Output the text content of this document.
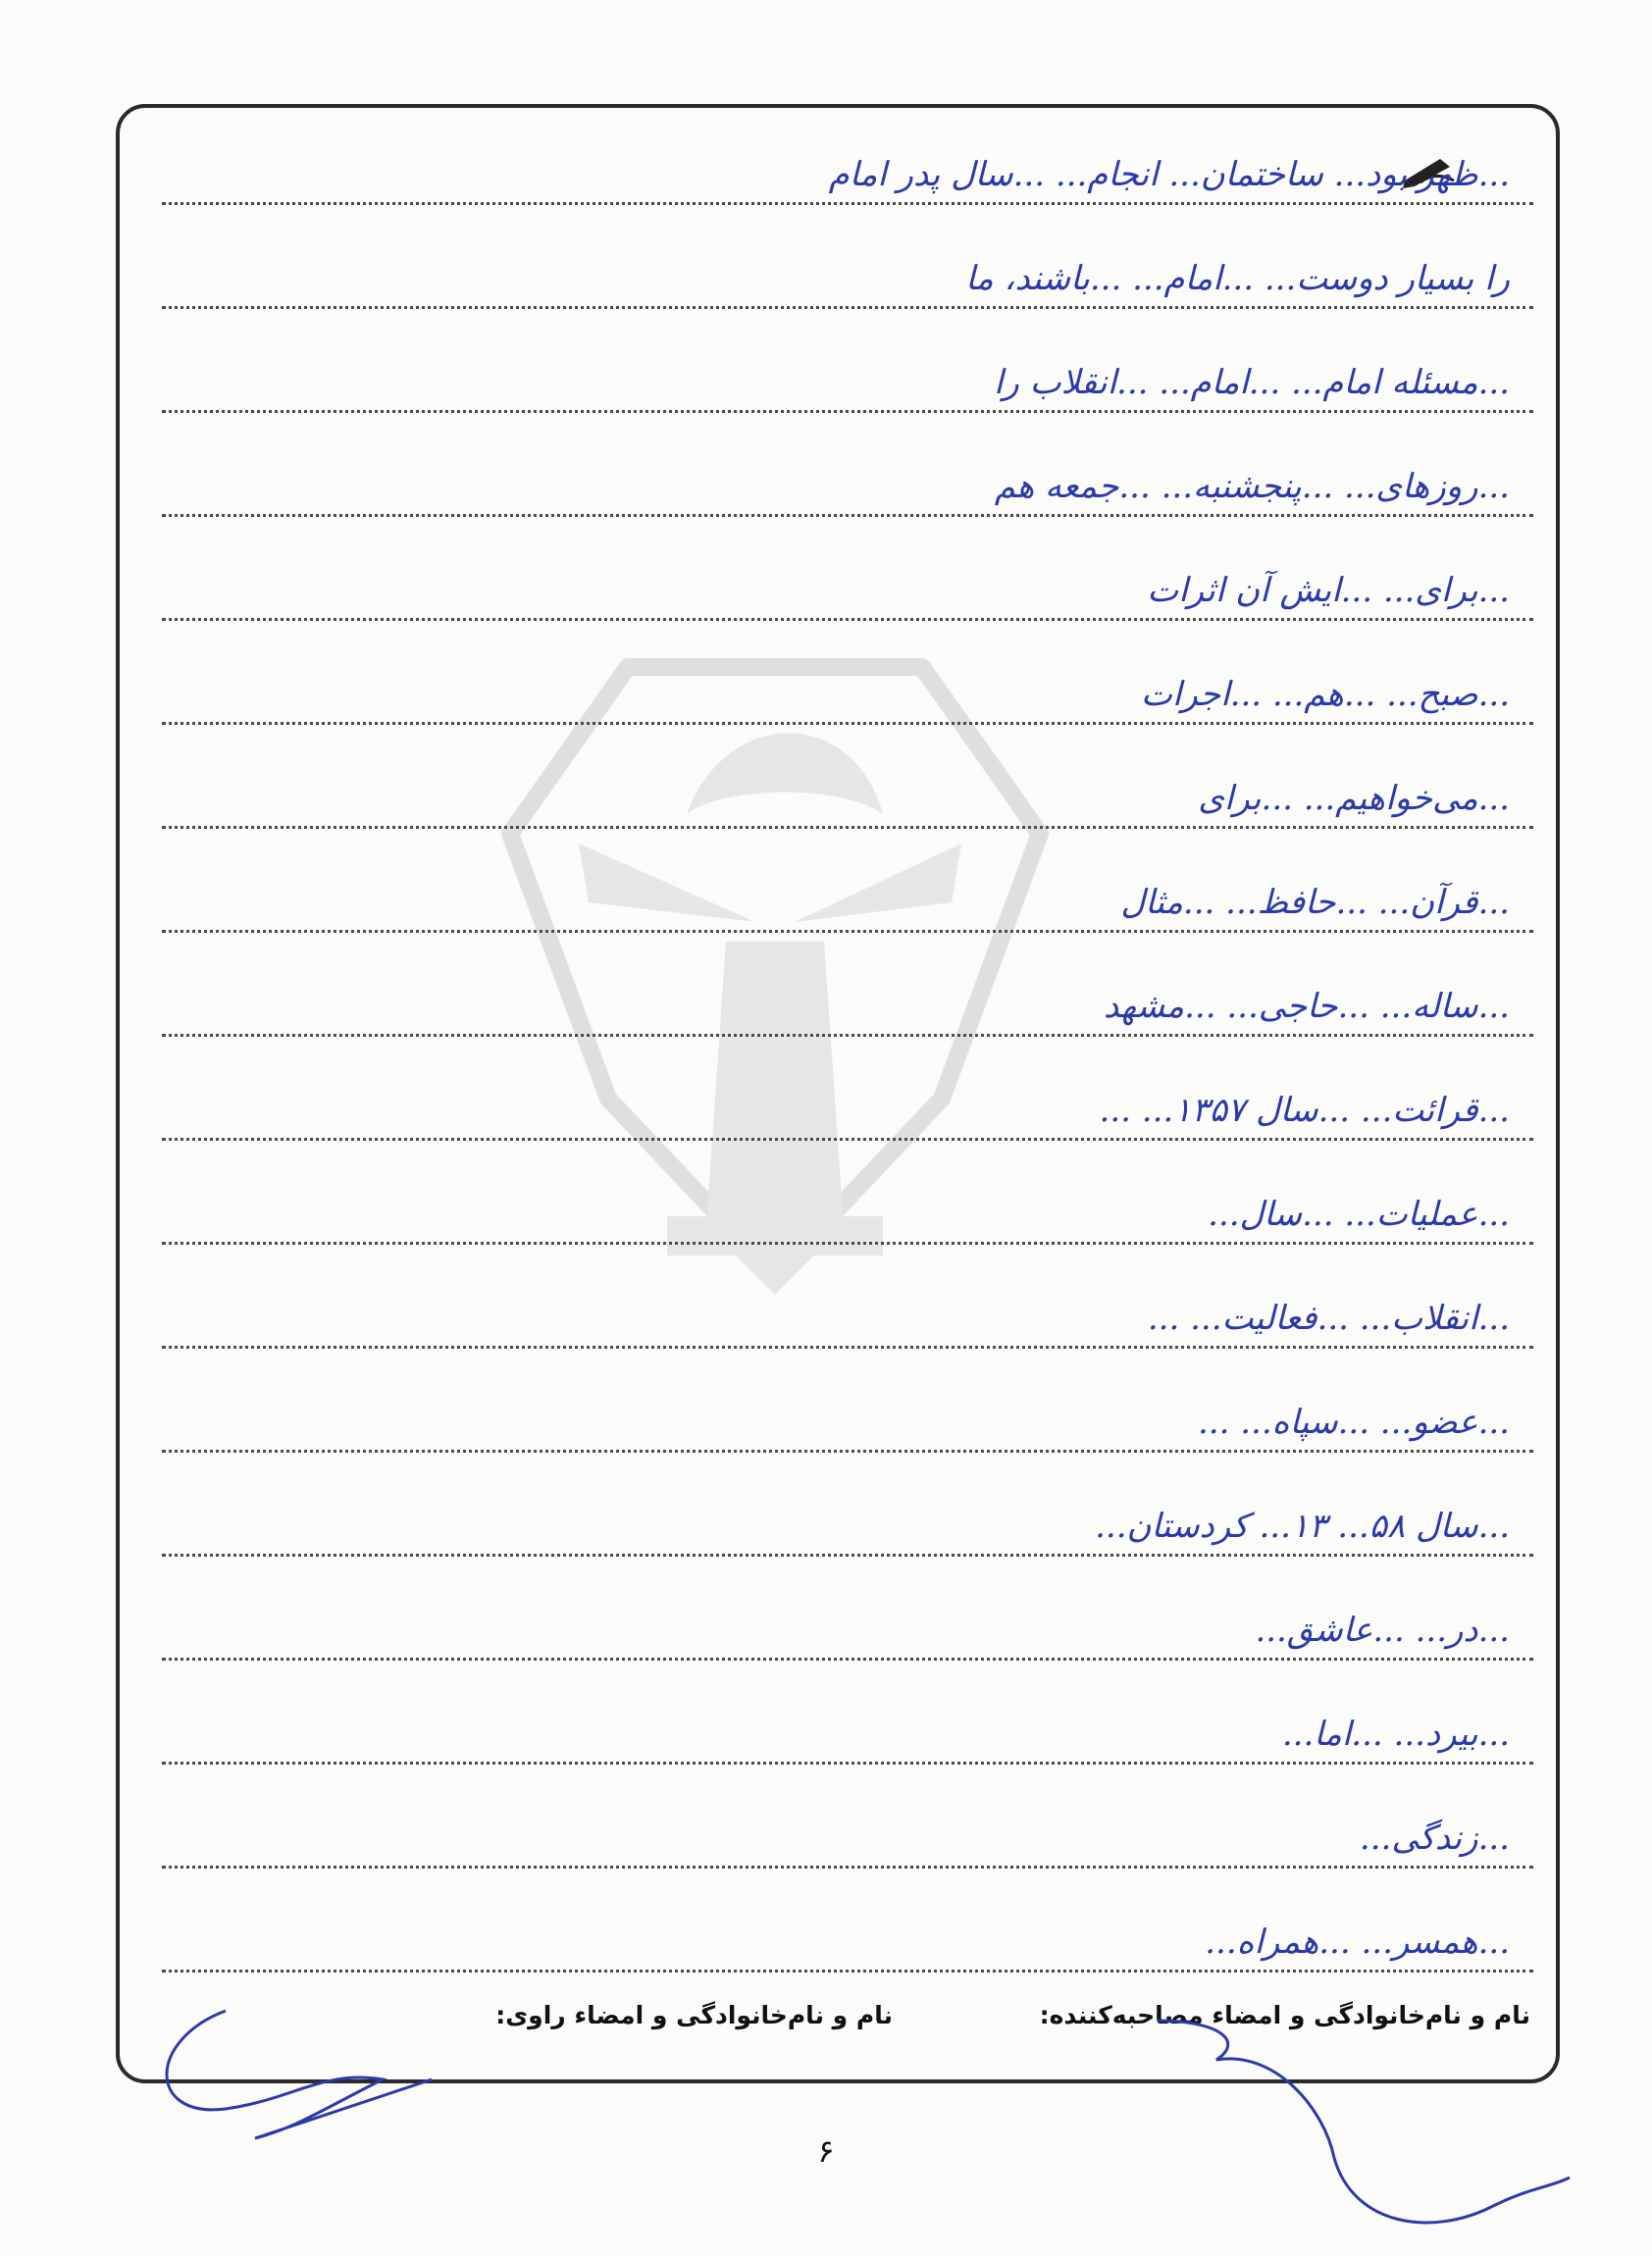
...ظهر بود... ساختمان... انجام... ...سال پدر امام
را بسیار دوست... ...امام... ...باشند، ما
...مسئله امام... ...امام... ...انقلاب را
...روزهای... ...پنجشنبه... ...جمعه هم
...برای... ...ایش آن اثرات
...صبح... ...هم... ...اجرات
...می‌خواهیم... ...برای
...قرآن... ...حافظ... ...مثال
...ساله... ...حاجی... ...مشهد
...قرائت... ...سال ۱۳۵۷... ...
...عملیات... ...سال...
...انقلاب... ...فعالیت... ...
...عضو... ...سپاه... ...
...سال ۵۸... ۱۳... کردستان...
...در... ...عاشق...
...بیرد... ...اما...
...زندگی...
...همسر... ...همراه...
نام و نام‌خانوادگی و امضاء مصاحبه‌کننده:
نام و نام‌خانوادگی و امضاء راوی:
۶
